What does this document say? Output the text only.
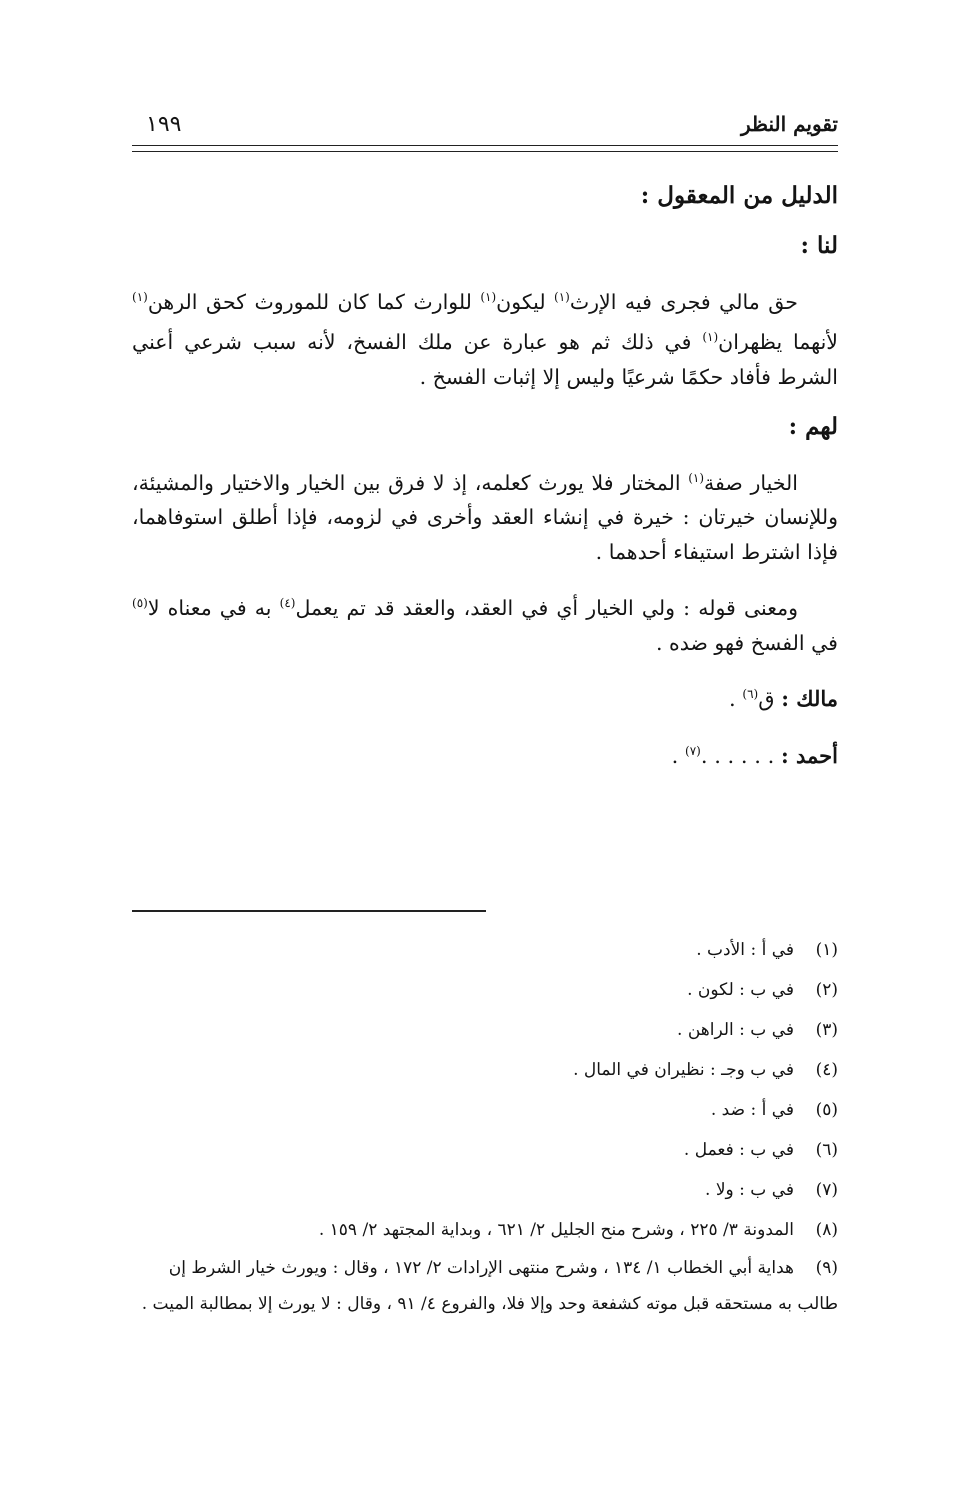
تقويم النظر
١٩٩
الدليل من المعقول :
لنا :

حق مالي فجرى فيه الإرث$^{(١)}$ ليكون$^{(١)}$ للوارث كما كان للموروث كحق الرهن$^{(١)}$ لأنهما يظهران$^{(١)}$ في ذلك ثم هو عبارة عن ملك الفسخ، لأنه سبب شرعي أعني الشرط فأفاد حكمًا شرعيًا وليس إلا إثبات الفسخ .

لهم :

الخيار صفة$^{(١)}$ المختار فلا يورث كعلمه، إذ لا فرق بين الخيار والاختيار والمشيئة، وللإنسان خيرتان : خيرة في إنشاء العقد وأخرى في لزومه، فإذا أطلق استوفاهما، فإذا اشترط استيفاء أحدهما .

ومعنى قوله : ولي الخيار أي في العقد، والعقد قد تم يعمل$^{(٤)}$ به في معناه لا$^{(٥)}$ في الفسخ فهو ضده .

مالك : ق$^{(٦)}$ .
أحمد : . . . . . .$^{(٧)}$ .
(١)في أ : الأدب .
(٢)في ب : لكون .
(٣)في ب : الراهن .
(٤)في ب وجـ : نظيران في المال .
(٥)في أ : ضد .
(٦)في ب : فعمل .
(٧)في ب : ولا .
(٨)المدونة ٣/ ٢٢٥ ، وشرح منح الجليل ٢/ ٦٢١ ، وبداية المجتهد ٢/ ١٥٩ .
(٩)هداية أبي الخطاب ١/ ١٣٤ ، وشرح منتهى الإرادات ٢/ ١٧٢ ، وقال : ويورث خيار الشرط إن طالب به مستحقه قبل موته كشفعة وحد وإلا فلا، والفروع ٤/ ٩١ ، وقال : لا يورث إلا بمطالبة الميت .
